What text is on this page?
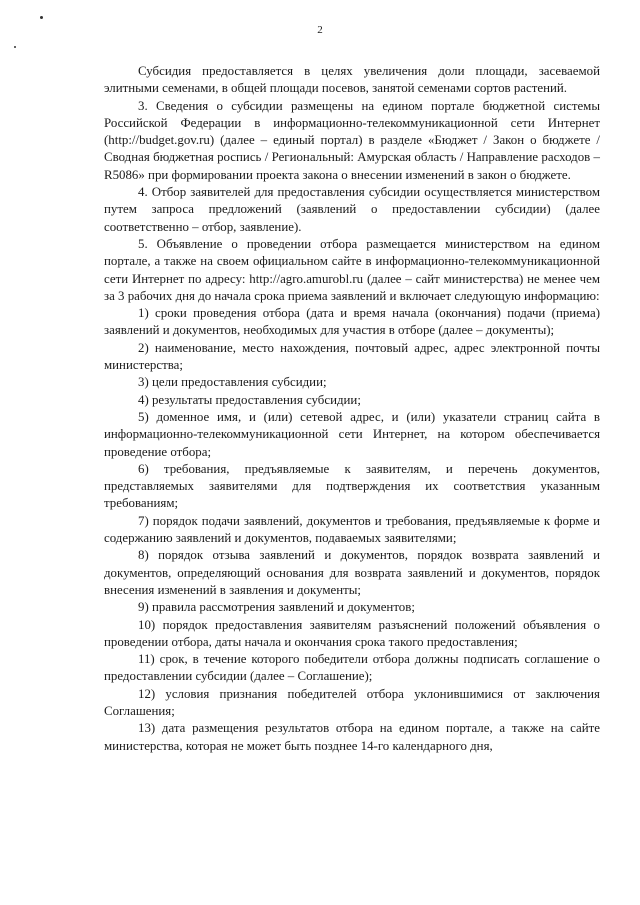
2

Субсидия предоставляется в целях увеличения доли площади, засеваемой элитными семенами, в общей площади посевов, занятой семенами сортов растений.

3. Сведения о субсидии размещены на едином портале бюджетной системы Российской Федерации в информационно-телекоммуникационной сети Интернет (http://budget.gov.ru) (далее – единый портал) в разделе «Бюджет / Закон о бюджете / Сводная бюджетная роспись / Региональный: Амурская область / Направление расходов – R5086» при формировании проекта закона о внесении изменений в закон о бюджете.

4. Отбор заявителей для предоставления субсидии осуществляется министерством путем запроса предложений (заявлений о предоставлении субсидии) (далее соответственно – отбор, заявление).

5. Объявление о проведении отбора размещается министерством на едином портале, а также на своем официальном сайте в информационно-телекоммуникационной сети Интернет по адресу: http://agro.amurobl.ru (далее – сайт министерства) не менее чем за 3 рабочих дня до начала срока приема заявлений и включает следующую информацию:

1) сроки проведения отбора (дата и время начала (окончания) подачи (приема) заявлений и документов, необходимых для участия в отборе (далее – документы);

2) наименование, место нахождения, почтовый адрес, адрес электронной почты министерства;

3) цели предоставления субсидии;

4) результаты предоставления субсидии;

5) доменное имя, и (или) сетевой адрес, и (или) указатели страниц сайта в информационно-телекоммуникационной сети Интернет, на котором обеспечивается проведение отбора;

6) требования, предъявляемые к заявителям, и перечень документов, представляемых заявителями для подтверждения их соответствия указанным требованиям;

7) порядок подачи заявлений, документов и требования, предъявляемые к форме и содержанию заявлений и документов, подаваемых заявителями;

8) порядок отзыва заявлений и документов, порядок возврата заявлений и документов, определяющий основания для возврата заявлений и документов, порядок внесения изменений в заявления и документы;

9) правила рассмотрения заявлений и документов;

10) порядок предоставления заявителям разъяснений положений объявления о проведении отбора, даты начала и окончания срока такого предоставления;

11) срок, в течение которого победители отбора должны подписать соглашение о предоставлении субсидии (далее – Соглашение);

12) условия признания победителей отбора уклонившимися от заключения Соглашения;

13) дата размещения результатов отбора на едином портале, а также на сайте министерства, которая не может быть позднее 14-го календарного дня,
